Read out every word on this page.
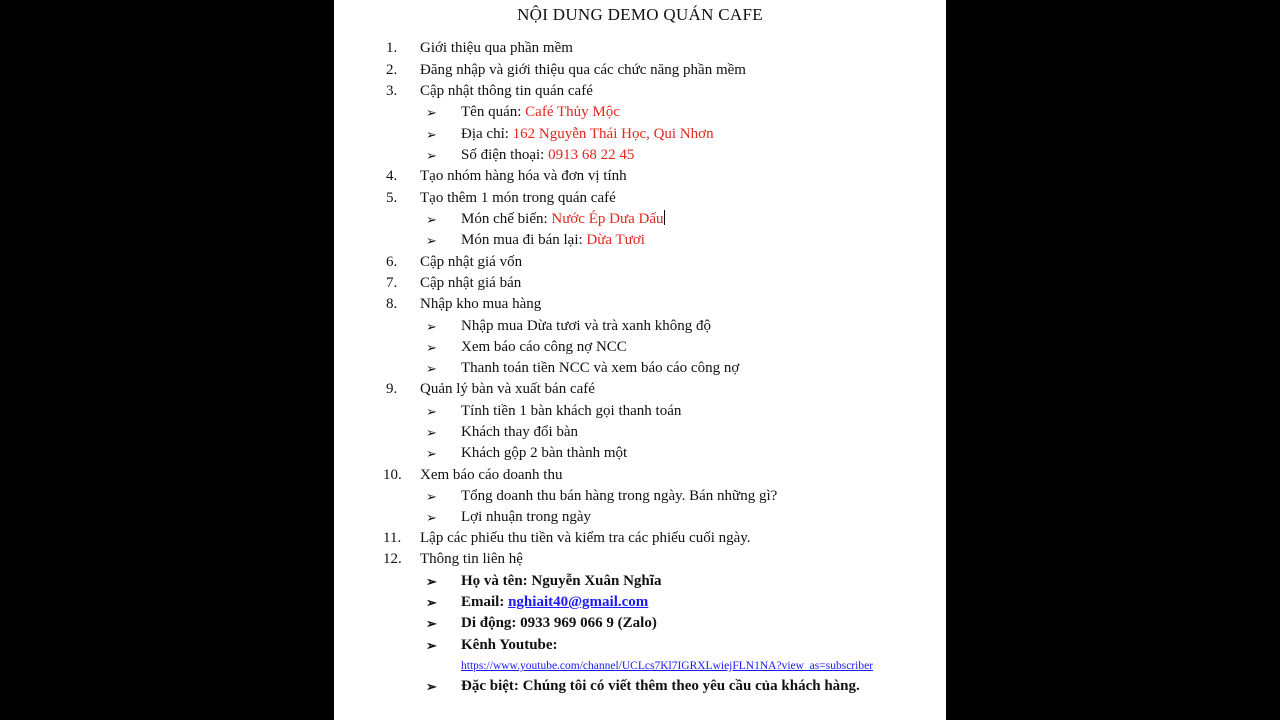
NỘI DUNG DEMO QUÁN CAFE
1. Giới thiệu qua phần mềm
2. Đăng nhập và giới thiệu qua các chức năng phần mềm
3. Cập nhật thông tin quán café
➢ Tên quán: Café Thủy Mộc
➢ Địa chỉ: 162 Nguyễn Thái Học, Qui Nhơn
➢ Số điện thoại: 0913 68 22 45
4. Tạo nhóm hàng hóa và đơn vị tính
5. Tạo thêm 1 món trong quán café
➢ Món chế biến: Nước Ép Dưa Dấu
➢ Món mua đi bán lại: Dừa Tươi
6. Cập nhật giá vốn
7. Cập nhật giá bán
8. Nhập kho mua hàng
➢ Nhập mua Dừa tươi và trà xanh không độ
➢ Xem báo cáo công nợ NCC
➢ Thanh toán tiền NCC và xem báo cáo công nợ
9. Quản lý bàn và xuất bán café
➢ Tính tiền 1 bàn khách gọi thanh toán
➢ Khách thay đổi bàn
➢ Khách gộp 2 bàn thành một
10. Xem báo cáo doanh thu
➢ Tổng doanh thu bán hàng trong ngày. Bán những gì?
➢ Lợi nhuận trong ngày
11. Lập các phiếu thu tiền và kiểm tra các phiếu cuối ngày.
12. Thông tin liên hệ
➢ Họ và tên: Nguyễn Xuân Nghĩa
➢ Email: nghiait40@gmail.com
➢ Di động: 0933 969 066 9 (Zalo)
➢ Kênh Youtube:
https://www.youtube.com/channel/UCLcs7Kl7IGRXLwiejFLN1NA?view_as=subscriber
➢ Đặc biệt: Chúng tôi có viết thêm theo yêu cầu của khách hàng.
